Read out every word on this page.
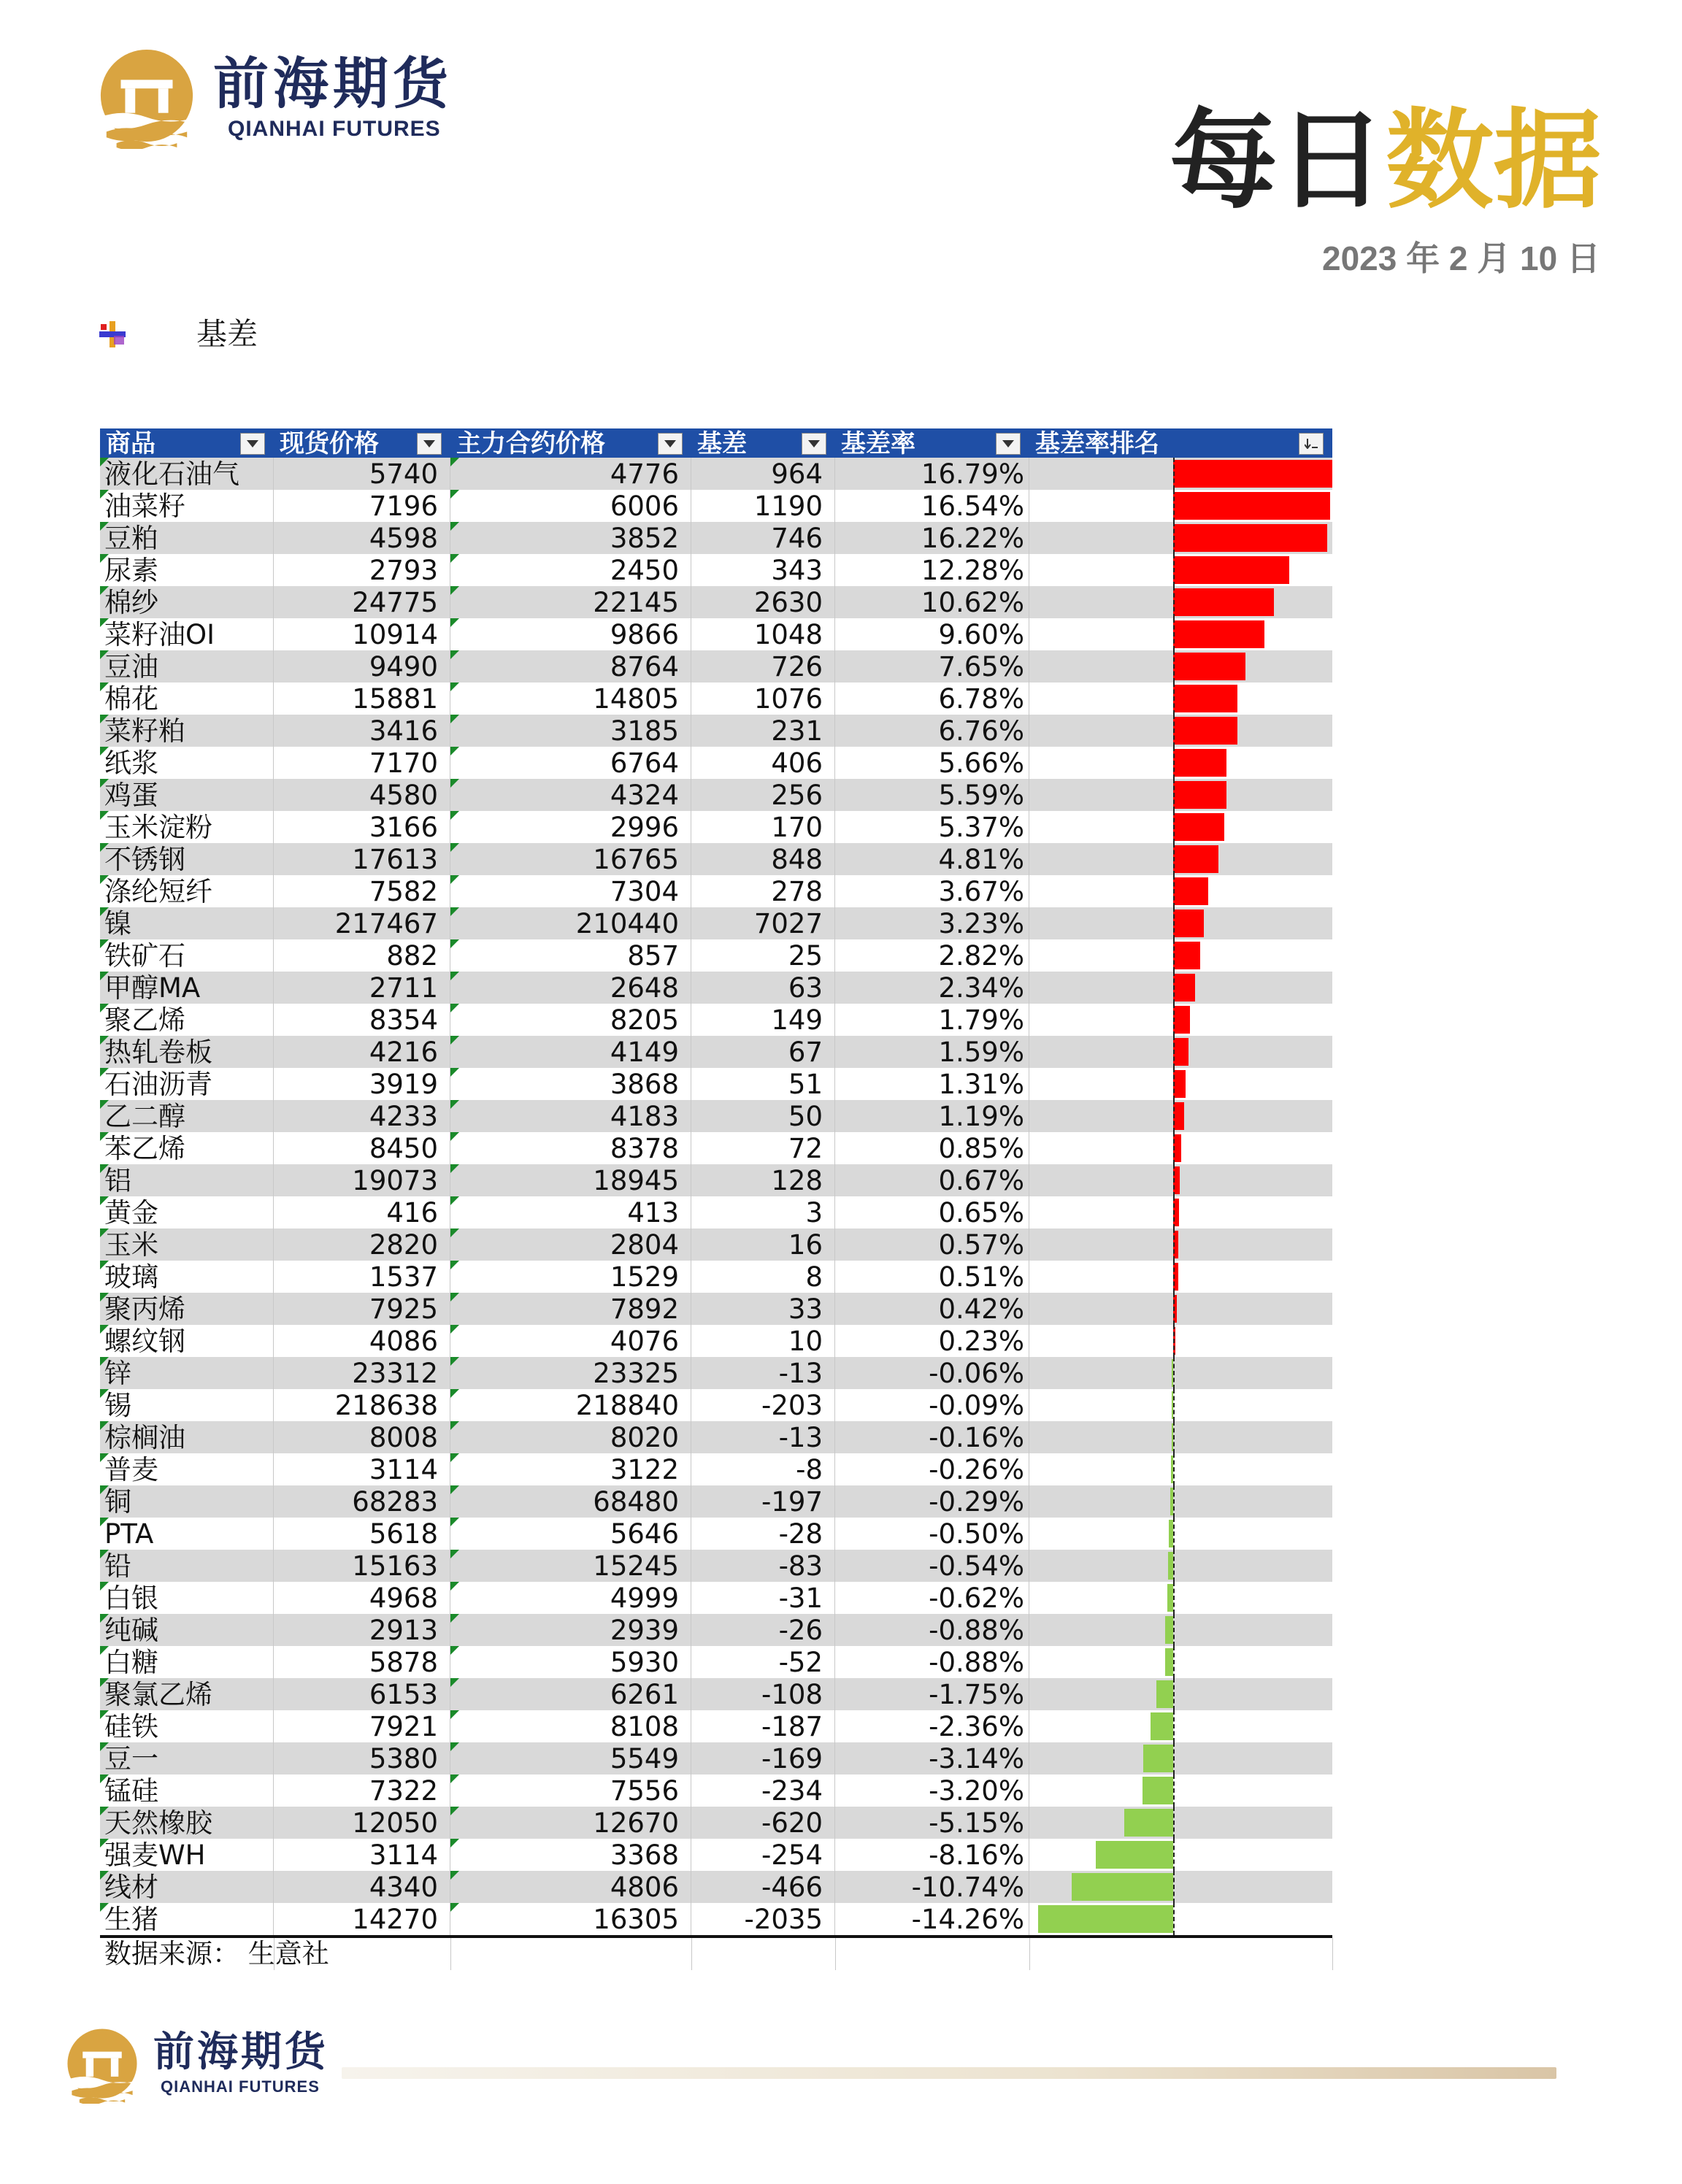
前海期货
QIANHAI FUTURES	每日数据
2023 年 2 月 10 日
基差
商品	现货价格	主力合约价格	基差	基差率	基差率排名
液化石油气	5740	4776	964	16.79%
油菜籽	7196	6006	1190	16.54%
豆粕	4598	3852	746	16.22%
尿素	2793	2450	343	12.28%
棉纱	24775	22145	2630	10.62%
菜籽油OI	10914	9866	1048	9.60%
豆油	9490	8764	726	7.65%
棉花	15881	14805	1076	6.78%
菜籽粕	3416	3185	231	6.76%
纸浆	7170	6764	406	5.66%
鸡蛋	4580	4324	256	5.59%
玉米淀粉	3166	2996	170	5.37%
不锈钢	17613	16765	848	4.81%
涤纶短纤	7582	7304	278	3.67%
镍	217467	210440	7027	3.23%
铁矿石	882	857	25	2.82%
甲醇MA	2711	2648	63	2.34%
聚乙烯	8354	8205	149	1.79%
热轧卷板	4216	4149	67	1.59%
石油沥青	3919	3868	51	1.31%
乙二醇	4233	4183	50	1.19%
苯乙烯	8450	8378	72	0.85%
铝	19073	18945	128	0.67%
黄金	416	413	3	0.65%
玉米	2820	2804	16	0.57%
玻璃	1537	1529	8	0.51%
聚丙烯	7925	7892	33	0.42%
螺纹钢	4086	4076	10	0.23%
锌	23312	23325	-13	-0.06%
锡	218638	218840	-203	-0.09%
棕榈油	8008	8020	-13	-0.16%
普麦	3114	3122	-8	-0.26%
铜	68283	68480	-197	-0.29%
PTA	5618	5646	-28	-0.50%
铅	15163	15245	-83	-0.54%
白银	4968	4999	-31	-0.62%
纯碱	2913	2939	-26	-0.88%
白糖	5878	5930	-52	-0.88%
聚氯乙烯	6153	6261	-108	-1.75%
硅铁	7921	8108	-187	-2.36%
豆一	5380	5549	-169	-3.14%
锰硅	7322	7556	-234	-3.20%
天然橡胶	12050	12670	-620	-5.15%
强麦WH	3114	3368	-254	-8.16%
线材	4340	4806	-466	-10.74%
生猪	14270	16305	-2035	-14.26%
数据来源： 生意社
前海期货
QIANHAI FUTURES
